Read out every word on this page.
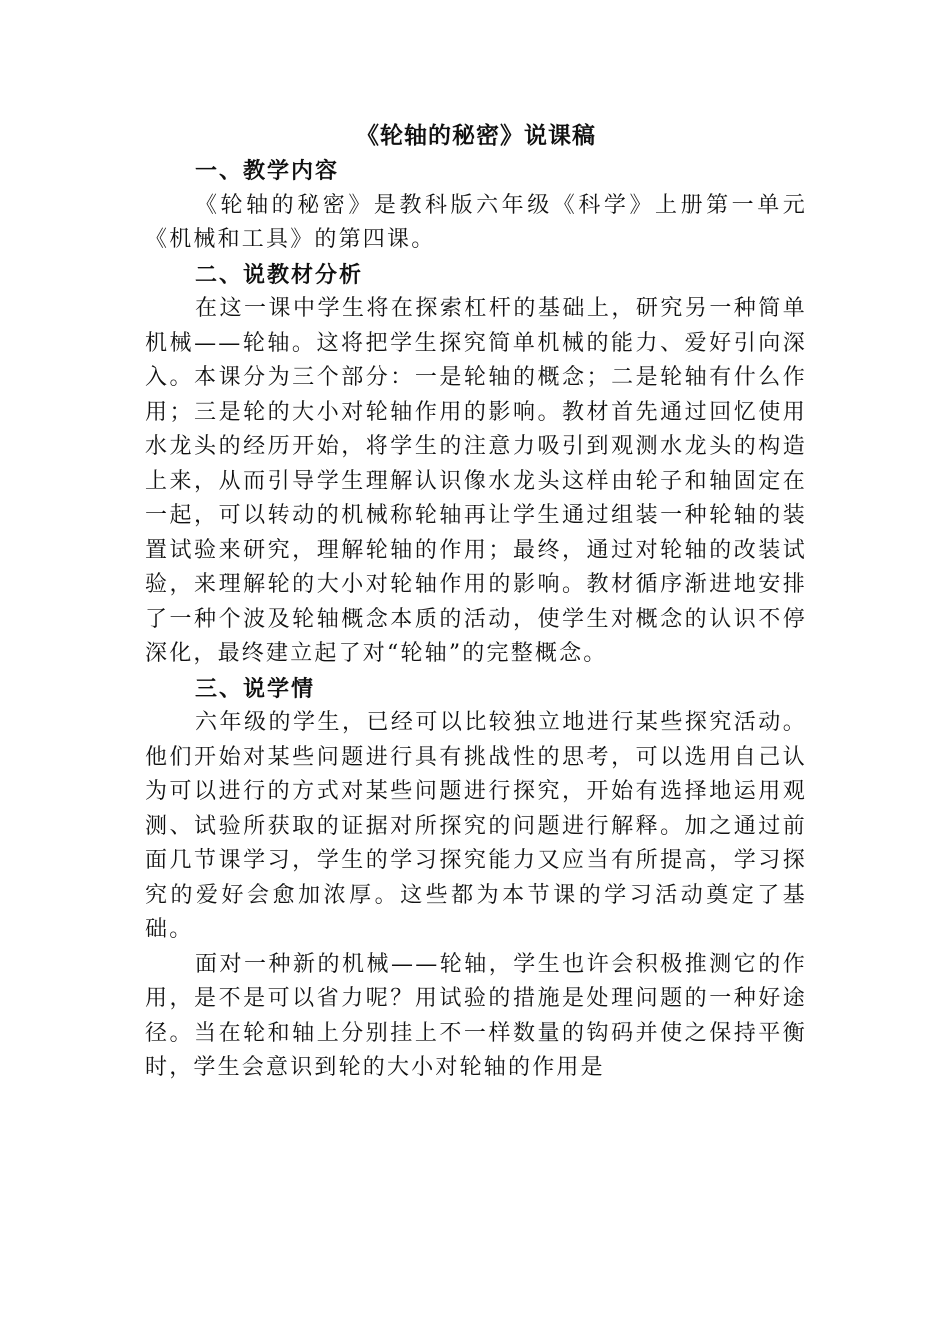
《轮轴的秘密》说课稿
一、教学内容

《轮轴的秘密》是教科版六年级《科学》上册第一单元《机械和工具》的第四课。

二、说教材分析

在这一课中学生将在探索杠杆的基础上，研究另一种简单机械——轮轴。这将把学生探究简单机械的能力、爱好引向深入。本课分为三个部分：一是轮轴的概念；二是轮轴有什么作用；三是轮的大小对轮轴作用的影响。教材首先通过回忆使用水龙头的经历开始，将学生的注意力吸引到观测水龙头的构造上来，从而引导学生理解认识像水龙头这样由轮子和轴固定在一起，可以转动的机械称轮轴再让学生通过组装一种轮轴的装置试验来研究，理解轮轴的作用；最终，通过对轮轴的改装试验，来理解轮的大小对轮轴作用的影响。教材循序渐进地安排了一种个波及轮轴概念本质的活动，使学生对概念的认识不停深化，最终建立起了对“轮轴”的完整概念。

三、说学情

六年级的学生，已经可以比较独立地进行某些探究活动。他们开始对某些问题进行具有挑战性的思考，可以选用自己认为可以进行的方式对某些问题进行探究，开始有选择地运用观测、试验所获取的证据对所探究的问题进行解释。加之通过前面几节课学习，学生的学习探究能力又应当有所提高，学习探究的爱好会愈加浓厚。这些都为本节课的学习活动奠定了基础。

面对一种新的机械——轮轴，学生也许会积极推测它的作用，是不是可以省力呢？用试验的措施是处理问题的一种好途径。当在轮和轴上分别挂上不一样数量的钩码并使之保持平衡时，学生会意识到轮的大小对轮轴的作用是
